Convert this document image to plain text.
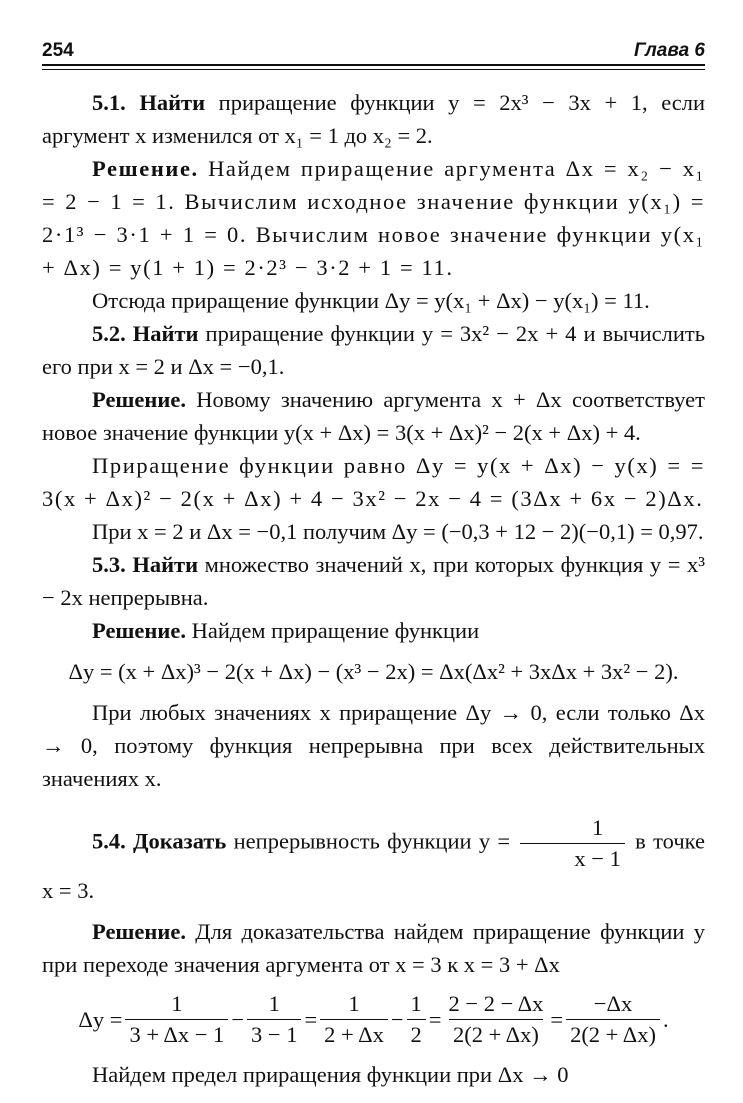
254	Глава 6

5.1. Найти приращение функции y = 2x³ − 3x + 1, если аргумент x изменился от x₁ = 1 до x₂ = 2.

Решение. Найдем приращение аргумента Δx = x₂ − x₁ = 2 − 1 = 1. Вычислим исходное значение функции y(x₁) = 2·1³ − 3·1 + 1 = 0. Вычислим новое значение функции y(x₁ + Δx) = y(1 + 1) = 2·2³ − 3·2 + 1 = 11.

Отсюда приращение функции Δy = y(x₁ + Δx) − y(x₁) = 11.

5.2. Найти приращение функции y = 3x² − 2x + 4 и вычислить его при x = 2 и Δx = −0,1.

Решение. Новому значению аргумента x + Δx соответствует новое значение функции y(x + Δx) = 3(x + Δx)² − 2(x + Δx) + 4.

Приращение функции равно Δy = y(x + Δx) − y(x) = = 3(x + Δx)² − 2(x + Δx) + 4 − 3x² − 2x − 4 = (3Δx + 6x − 2)Δx.

При x = 2 и Δx = −0,1 получим Δy = (−0,3 + 12 − 2)(−0,1) = 0,97.

5.3. Найти множество значений x, при которых функция y = x³ − 2x непрерывна.

Решение. Найдем приращение функции

Δy = (x + Δx)³ − 2(x + Δx) − (x³ − 2x) = Δx(Δx² + 3xΔx + 3x² − 2).

При любых значениях x приращение Δy → 0, если только Δx → 0, поэтому функция непрерывна при всех действительных значениях x.

5.4. Доказать непрерывность функции $y = \frac{1}{x - 1}$ в точке x = 3.

Решение. Для доказательства найдем приращение функции y при переходе значения аргумента от x = 3 к x = 3 + Δx

$\Delta y = \frac{1}{3 + \Delta x - 1} - \frac{1}{3 - 1} = \frac{1}{2 + \Delta x} - \frac{1}{2} = \frac{2 - 2 - \Delta x}{2(2 + \Delta x)} = \frac{-\Delta x}{2(2 + \Delta x)}$ .

Найдем предел приращения функции при Δx → 0
